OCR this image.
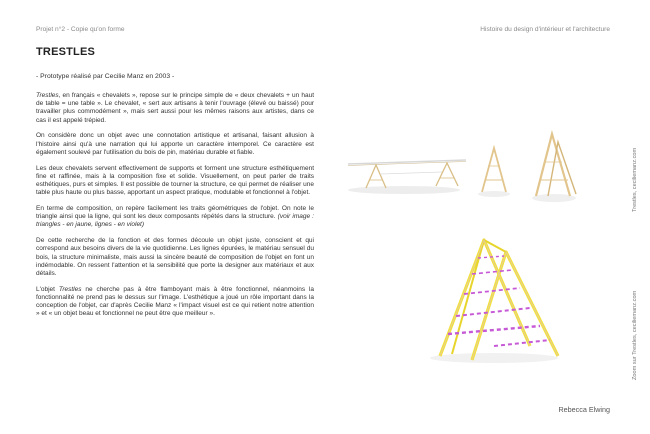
Projet n°2 - Copie qu'on forme	Histoire du design d'intérieur et l'architecture
TRESTLES
- Prototype réalisé par Cecilie Manz en 2003 -

Trestles, en français « chevalets », repose sur le principe simple de « deux chevalets + un haut de table = une table ». Le chevalet, « sert aux artisans à tenir l'ouvrage (élevé ou baissé) pour travailler plus commodément », mais sert aussi pour les mêmes raisons aux artistes, dans ce cas il est appelé trépied.

On considère donc un objet avec une connotation artistique et artisanal, faisant allusion à l'histoire ainsi qu'à une narration qui lui apporte un caractère intemporel. Ce caractère est également soulevé par l'utilisation du bois de pin, matériau durable et fiable.

Les deux chevalets servent effectivement de supports et forment une structure esthétiquement fine et raffinée, mais à la composition fixe et solide. Visuellement, on peut parler de traits esthétiques, purs et simples. Il est possible de tourner la structure, ce qui permet de réaliser une table plus haute ou plus basse, apportant un aspect pratique, modulable et fonctionnel à l'objet.

En terme de composition, on repère facilement les traits géométriques de l'objet. On note le triangle ainsi que la ligne, qui sont les deux composants répétés dans la structure. (voir image : triangles - en jaune, lignes - en violet)

De cette recherche de la fonction et des formes découle un objet juste, conscient et qui correspond aux besoins divers de la vie quotidienne. Les lignes épurées, le matériau sensuel du bois, la structure minimaliste, mais aussi la sincère beauté de composition de l'objet en font un indémodable. On ressent l'attention et la sensibilité que porte la designer aux matériaux et aux détails.

L'objet Trestles ne cherche pas à être flamboyant mais à être fonctionnel, néanmoins la fonctionnalité ne prend pas le dessus sur l'image. L'esthétique a joué un rôle important dans la conception de l'objet, car d'après Cecilie Manz « l'impact visuel est ce qui retient notre attention » et « un objet beau et fonctionnel ne peut être que meilleur ».

Trestles, ceciliemanz.com
Zoom sur Trestles, ceciliemanz.com
Rebecca Elwing
